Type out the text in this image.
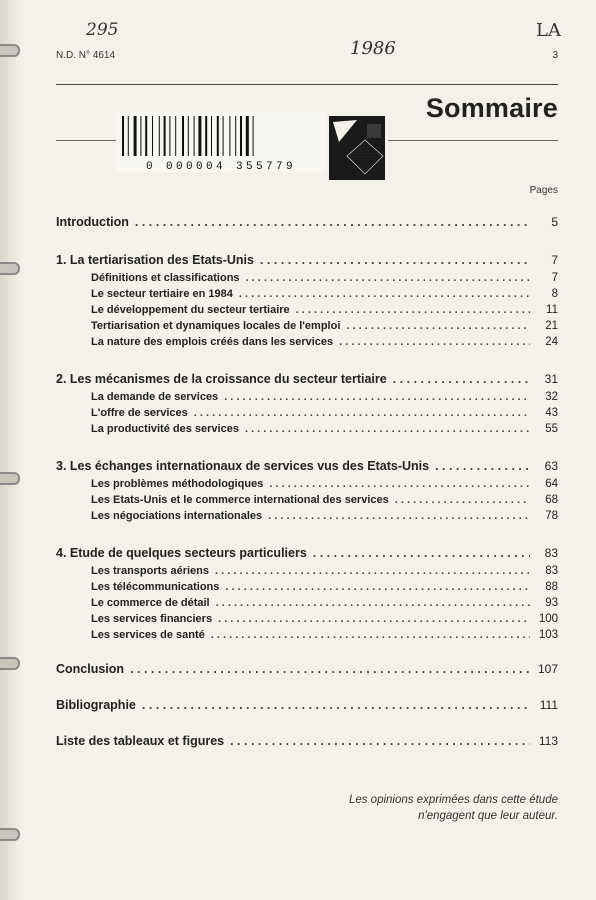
295
1986
LA
N.D. N° 4614	3
Sommaire
0 000004 355779
Pages
Introduction . . .	5
1. La tertiarisation des Etats-Unis . . .	7
Définitions et classifications . . .	7
Le secteur tertiaire en 1984 . . .	8
Le développement du secteur tertiaire . . .	11
Tertiarisation et dynamiques locales de l'emploi . . .	21
La nature des emplois créés dans les services . . .	24
2. Les mécanismes de la croissance du secteur tertiaire . . .	31
La demande de services . . .	32
L'offre de services . . .	43
La productivité des services . . .	55
3. Les échanges internationaux de services vus des Etats-Unis . . .	63
Les problèmes méthodologiques . . .	64
Les Etats-Unis et le commerce international des services . . .	68
Les négociations internationales . . .	78
4. Etude de quelques secteurs particuliers . . .	83
Les transports aériens . . .	83
Les télécommunications . . .	88
Le commerce de détail . . .	93
Les services financiers . . .	100
Les services de santé . . .	103
Conclusion . . .	107
Bibliographie . . .	111
Liste des tableaux et figures . . .	113
Les opinions exprimées dans cette étude
n'engagent que leur auteur.
